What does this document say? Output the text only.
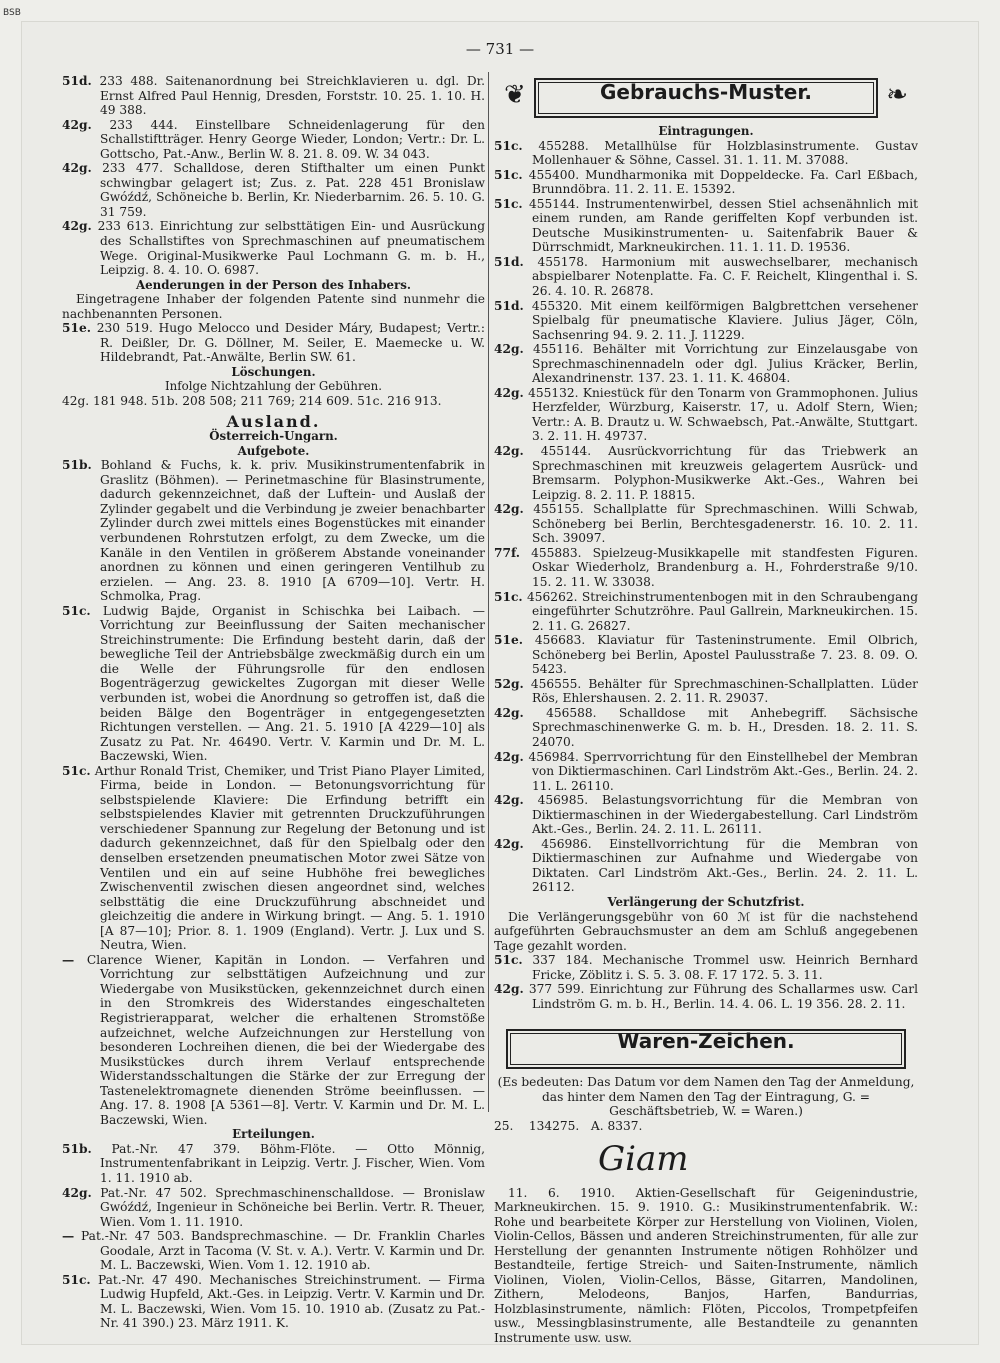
BSB
— 731 —

51d. 233 488. Saitenanordnung bei Streichklavieren u. dgl. Dr. Ernst Alfred Paul Hennig, Dresden, Forststr. 10. 25. 1. 10. H. 49 388.

42g. 233 444. Einstellbare Schneidenlagerung für den Schallstiftträger. Henry George Wieder, London; Vertr.: Dr. L. Gottscho, Pat.-Anw., Berlin W. 8. 21. 8. 09. W. 34 043.

42g. 233 477. Schalldose, deren Stifthalter um einen Punkt schwingbar gelagert ist; Zus. z. Pat. 228 451 Bronislaw Gwóźdź, Schöneiche b. Berlin, Kr. Niederbarnim. 26. 5. 10. G. 31 759.

42g. 233 613. Einrichtung zur selbsttätigen Ein- und Ausrückung des Schallstiftes von Sprechmaschinen auf pneumatischem Wege. Original-Musikwerke Paul Lochmann G. m. b. H., Leipzig. 8. 4. 10. O. 6987.

Aenderungen in der Person des Inhabers.

Eingetragene Inhaber der folgenden Patente sind nunmehr die nachbenannten Personen.

51e. 230 519. Hugo Melocco und Desider Máry, Budapest; Vertr.: R. Deißler, Dr. G. Döllner, M. Seiler, E. Maemecke u. W. Hildebrandt, Pat.-Anwälte, Berlin SW. 61.

Löschungen.

Infolge Nichtzahlung der Gebühren.

42g. 181 948. 51b. 208 508; 211 769; 214 609. 51c. 216 913.

Ausland.

Österreich-Ungarn.

Aufgebote.

51b. Bohland & Fuchs, k. k. priv. Musikinstrumentenfabrik in Graslitz (Böhmen). — Perinetmaschine für Blasinstrumente, dadurch gekennzeichnet, daß der Luftein- und Auslaß der Zylinder gegabelt und die Verbindung je zweier benachbarter Zylinder durch zwei mittels eines Bogenstückes mit einander verbundenen Rohrstutzen erfolgt, zu dem Zwecke, um die Kanäle in den Ventilen in größerem Abstande voneinander anordnen zu können und einen geringeren Ventilhub zu erzielen. — Ang. 23. 8. 1910 [A 6709—10]. Vertr. H. Schmolka, Prag.

51c. Ludwig Bajde, Organist in Schischka bei Laibach. — Vorrichtung zur Beeinflussung der Saiten mechanischer Streichinstrumente: Die Erfindung besteht darin, daß der bewegliche Teil der Antriebsbälge zweckmäßig durch ein um die Welle der Führungsrolle für den endlosen Bogenträgerzug gewickeltes Zugorgan mit dieser Welle verbunden ist, wobei die Anordnung so getroffen ist, daß die beiden Bälge den Bogenträger in entgegengesetzten Richtungen verstellen. — Ang. 21. 5. 1910 [A 4229—10] als Zusatz zu Pat. Nr. 46490. Vertr. V. Karmin und Dr. M. L. Baczewski, Wien.

51c. Arthur Ronald Trist, Chemiker, und Trist Piano Player Limited, Firma, beide in London. — Betonungsvorrichtung für selbstspielende Klaviere: Die Erfindung betrifft ein selbstspielendes Klavier mit getrennten Druckzuführungen verschiedener Spannung zur Regelung der Betonung und ist dadurch gekennzeichnet, daß für den Spielbalg oder den denselben ersetzenden pneumatischen Motor zwei Sätze von Ventilen und ein auf seine Hubhöhe frei bewegliches Zwischenventil zwischen diesen angeordnet sind, welches selbsttätig die eine Druckzuführung abschneidet und gleichzeitig die andere in Wirkung bringt. — Ang. 5. 1. 1910 [A 87—10]; Prior. 8. 1. 1909 (England). Vertr. J. Lux und S. Neutra, Wien.

— Clarence Wiener, Kapitän in London. — Verfahren und Vorrichtung zur selbsttätigen Aufzeichnung und zur Wiedergabe von Musikstücken, gekennzeichnet durch einen in den Stromkreis des Widerstandes eingeschalteten Registrierapparat, welcher die erhaltenen Stromstöße aufzeichnet, welche Aufzeichnungen zur Herstellung von besonderen Lochreihen dienen, die bei der Wiedergabe des Musikstückes durch ihrem Verlauf entsprechende Widerstandsschaltungen die Stärke der zur Erregung der Tastenelektromagnete dienenden Ströme beeinflussen. — Ang. 17. 8. 1908 [A 5361—8]. Vertr. V. Karmin und Dr. M. L. Baczewski, Wien.

Erteilungen.

51b. Pat.-Nr. 47 379. Böhm-Flöte. — Otto Mönnig, Instrumentenfabrikant in Leipzig. Vertr. J. Fischer, Wien. Vom 1. 11. 1910 ab.

42g. Pat.-Nr. 47 502. Sprechmaschinenschalldose. — Bronislaw Gwóźdź, Ingenieur in Schöneiche bei Berlin. Vertr. R. Theuer, Wien. Vom 1. 11. 1910.

— Pat.-Nr. 47 503. Bandsprechmaschine. — Dr. Franklin Charles Goodale, Arzt in Tacoma (V. St. v. A.). Vertr. V. Karmin und Dr. M. L. Baczewski, Wien. Vom 1. 12. 1910 ab.

51c. Pat.-Nr. 47 490. Mechanisches Streichinstrument. — Firma Ludwig Hupfeld, Akt.-Ges. in Leipzig. Vertr. V. Karmin und Dr. M. L. Baczewski, Wien. Vom 15. 10. 1910 ab. (Zusatz zu Pat.-Nr. 41 390.) 23. März 1911. K.

❦	Gebrauchs-Muster.	❧

Eintragungen.

51c. 455288. Metallhülse für Holzblasinstrumente. Gustav Mollenhauer & Söhne, Cassel. 31. 1. 11. M. 37088.

51c. 455400. Mundharmonika mit Doppeldecke. Fa. Carl Eßbach, Brunndöbra. 11. 2. 11. E. 15392.

51c. 455144. Instrumentenwirbel, dessen Stiel achsenähnlich mit einem runden, am Rande geriffelten Kopf verbunden ist. Deutsche Musikinstrumenten- u. Saitenfabrik Bauer & Dürrschmidt, Markneukirchen. 11. 1. 11. D. 19536.

51d. 455178. Harmonium mit auswechselbarer, mechanisch abspielbarer Notenplatte. Fa. C. F. Reichelt, Klingenthal i. S. 26. 4. 10. R. 26878.

51d. 455320. Mit einem keilförmigen Balgbrettchen versehener Spielbalg für pneumatische Klaviere. Julius Jäger, Cöln, Sachsenring 94. 9. 2. 11. J. 11229.

42g. 455116. Behälter mit Vorrichtung zur Einzelausgabe von Sprechmaschinennadeln oder dgl. Julius Kräcker, Berlin, Alexandrinenstr. 137. 23. 1. 11. K. 46804.

42g. 455132. Kniestück für den Tonarm von Grammophonen. Julius Herzfelder, Würzburg, Kaiserstr. 17, u. Adolf Stern, Wien; Vertr.: A. B. Drautz u. W. Schwaebsch, Pat.-Anwälte, Stuttgart. 3. 2. 11. H. 49737.

42g. 455144. Ausrückvorrichtung für das Triebwerk an Sprechmaschinen mit kreuzweis gelagertem Ausrück- und Bremsarm. Polyphon-Musikwerke Akt.-Ges., Wahren bei Leipzig. 8. 2. 11. P. 18815.

42g. 455155. Schallplatte für Sprechmaschinen. Willi Schwab, Schöneberg bei Berlin, Berchtesgadenerstr. 16. 10. 2. 11. Sch. 39097.

77f. 455883. Spielzeug-Musikkapelle mit standfesten Figuren. Oskar Wiederholz, Brandenburg a. H., Fohrderstraße 9/10. 15. 2. 11. W. 33038.

51c. 456262. Streichinstrumentenbogen mit in den Schraubengang eingeführter Schutzröhre. Paul Gallrein, Markneukirchen. 15. 2. 11. G. 26827.

51e. 456683. Klaviatur für Tasteninstrumente. Emil Olbrich, Schöneberg bei Berlin, Apostel Paulusstraße 7. 23. 8. 09. O. 5423.

52g. 456555. Behälter für Sprechmaschinen-Schallplatten. Lüder Rös, Ehlershausen. 2. 2. 11. R. 29037.

42g. 456588. Schalldose mit Anhebegriff. Sächsische Sprechmaschinenwerke G. m. b. H., Dresden. 18. 2. 11. S. 24070.

42g. 456984. Sperrvorrichtung für den Einstellhebel der Membran von Diktiermaschinen. Carl Lindström Akt.-Ges., Berlin. 24. 2. 11. L. 26110.

42g. 456985. Belastungsvorrichtung für die Membran von Diktiermaschinen in der Wiedergabestellung. Carl Lindström Akt.-Ges., Berlin. 24. 2. 11. L. 26111.

42g. 456986. Einstellvorrichtung für die Membran von Diktiermaschinen zur Aufnahme und Wiedergabe von Diktaten. Carl Lindström Akt.-Ges., Berlin. 24. 2. 11. L. 26112.

Verlängerung der Schutzfrist.

Die Verlängerungsgebühr von 60 ℳ ist für die nachstehend aufgeführten Gebrauchsmuster an dem am Schluß angegebenen Tage gezahlt worden.

51c. 337 184. Mechanische Trommel usw. Heinrich Bernhard Fricke, Zöblitz i. S. 5. 3. 08. F. 17 172. 5. 3. 11.

42g. 377 599. Einrichtung zur Führung des Schallarmes usw. Carl Lindström G. m. b. H., Berlin. 14. 4. 06. L. 19 356. 28. 2. 11.

Waren-Zeichen.

(Es bedeuten: Das Datum vor dem Namen den Tag der Anmeldung, das hinter dem Namen den Tag der Eintragung, G. = Geschäftsbetrieb, W. = Waren.)

25.    134275.   A. 8337.

Giam

11. 6. 1910. Aktien-Gesellschaft für Geigenindustrie, Markneukirchen. 15. 9. 1910. G.: Musikinstrumentenfabrik. W.: Rohe und bearbeitete Körper zur Herstellung von Violinen, Violen, Violin-Cellos, Bässen und anderen Streichinstrumenten, für alle zur Herstellung der genannten Instrumente nötigen Rohhölzer und Bestandteile, fertige Streich- und Saiten-Instrumente, nämlich Violinen, Violen, Violin-Cellos, Bässe, Gitarren, Mandolinen, Zithern, Melodeons, Banjos, Harfen, Bandurrias, Holzblasinstrumente, nämlich: Flöten, Piccolos, Trompetpfeifen usw., Messingblasinstrumente, alle Bestandteile zu genannten Instrumente usw. usw.
